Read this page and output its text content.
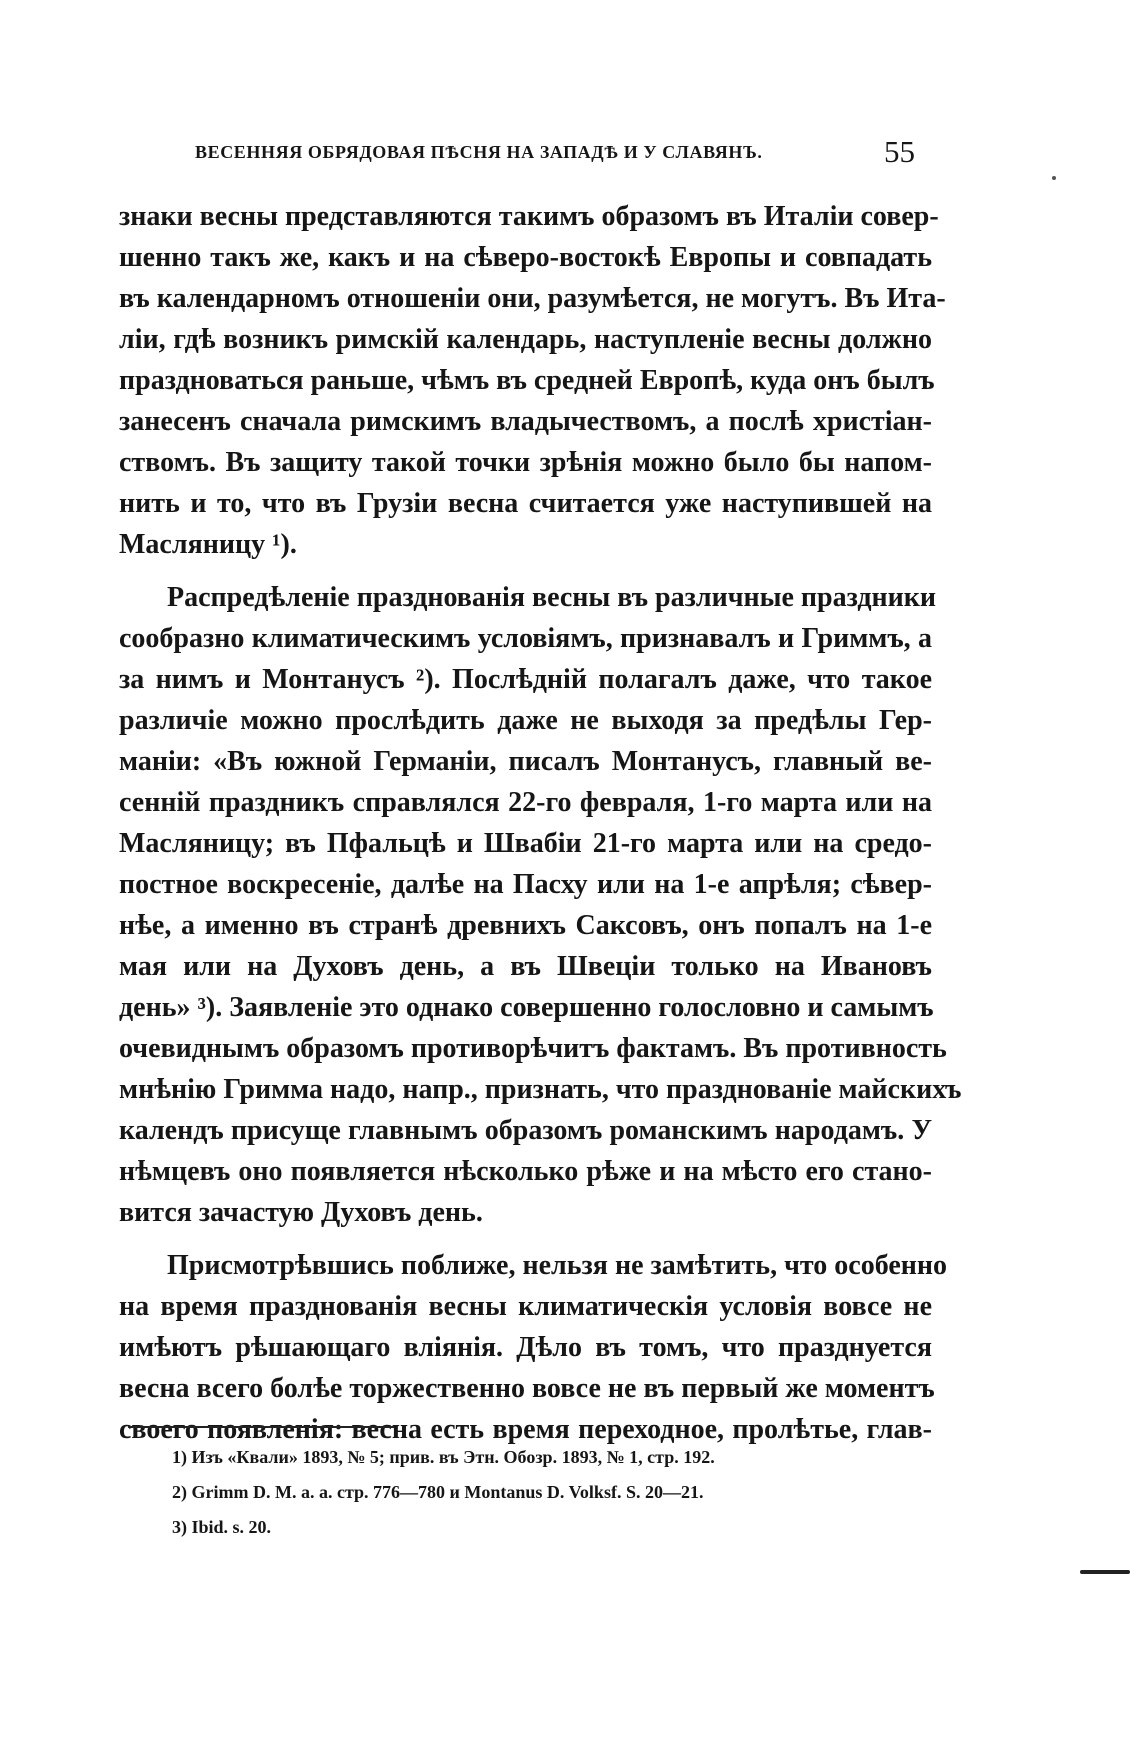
ВЕСЕННЯЯ ОБРЯДОВАЯ ПѢСНЯ НА ЗАПАДѢ И У СЛАВЯНЪ.	55
знаки весны представляются такимъ образомъ въ Италіи совер-
шенно такъ же, какъ и на сѣверо-востокѣ Европы и совпадать
въ календарномъ отношеніи они, разумѣется, не могутъ. Въ Ита-
ліи, гдѣ возникъ римскій календарь, наступленіе весны должно
праздноваться раньше, чѣмъ въ средней Европѣ, куда онъ былъ
занесенъ сначала римскимъ владычествомъ, а послѣ христіан-
ствомъ. Въ защиту такой точки зрѣнія можно было бы напом-
нить и то, что въ Грузіи весна считается уже наступившей на
Масляницу ¹).
Распредѣленіе празднованія весны въ различные праздники
сообразно климатическимъ условіямъ, признавалъ и Гриммъ, а
за нимъ и Монтанусъ ²). Послѣдній полагалъ даже, что такое
различіе можно прослѣдить даже не выходя за предѣлы Гер-
маніи: «Въ южной Германіи, писалъ Монтанусъ, главный ве-
сенній праздникъ справлялся 22-го февраля, 1-го марта или на
Масляницу; въ Пфальцѣ и Швабіи 21-го марта или на средо-
постное воскресеніе, далѣе на Пасху или на 1-е апрѣля; сѣвер-
нѣе, а именно въ странѣ древнихъ Саксовъ, онъ попалъ на 1-е
мая или на Духовъ день, а въ Швеціи только на Ивановъ
день» ³). Заявленіе это однако совершенно голословно и самымъ
очевиднымъ образомъ противорѣчитъ фактамъ. Въ противность
мнѣнію Гримма надо, напр., признать, что празднованіе майскихъ
календъ присуще главнымъ образомъ романскимъ народамъ. У
нѣмцевъ оно появляется нѣсколько рѣже и на мѣсто его стано-
вится зачастую Духовъ день.
Присмотрѣвшись поближе, нельзя не замѣтить, что особенно
на время празднованія весны климатическія условія вовсе не
имѣютъ рѣшающаго вліянія. Дѣло въ томъ, что празднуется
весна всего болѣе торжественно вовсе не въ первый же моментъ
своего появленія: весна есть время переходное, пролѣтье, глав-
1) Изъ «Квали» 1893, № 5; прив. въ Этн. Обозр. 1893, № 1, стр. 192.
2) Grimm D. M. a. a. стр. 776—780 и Montanus D. Volksf. S. 20—21.
3) Ibid. s. 20.
